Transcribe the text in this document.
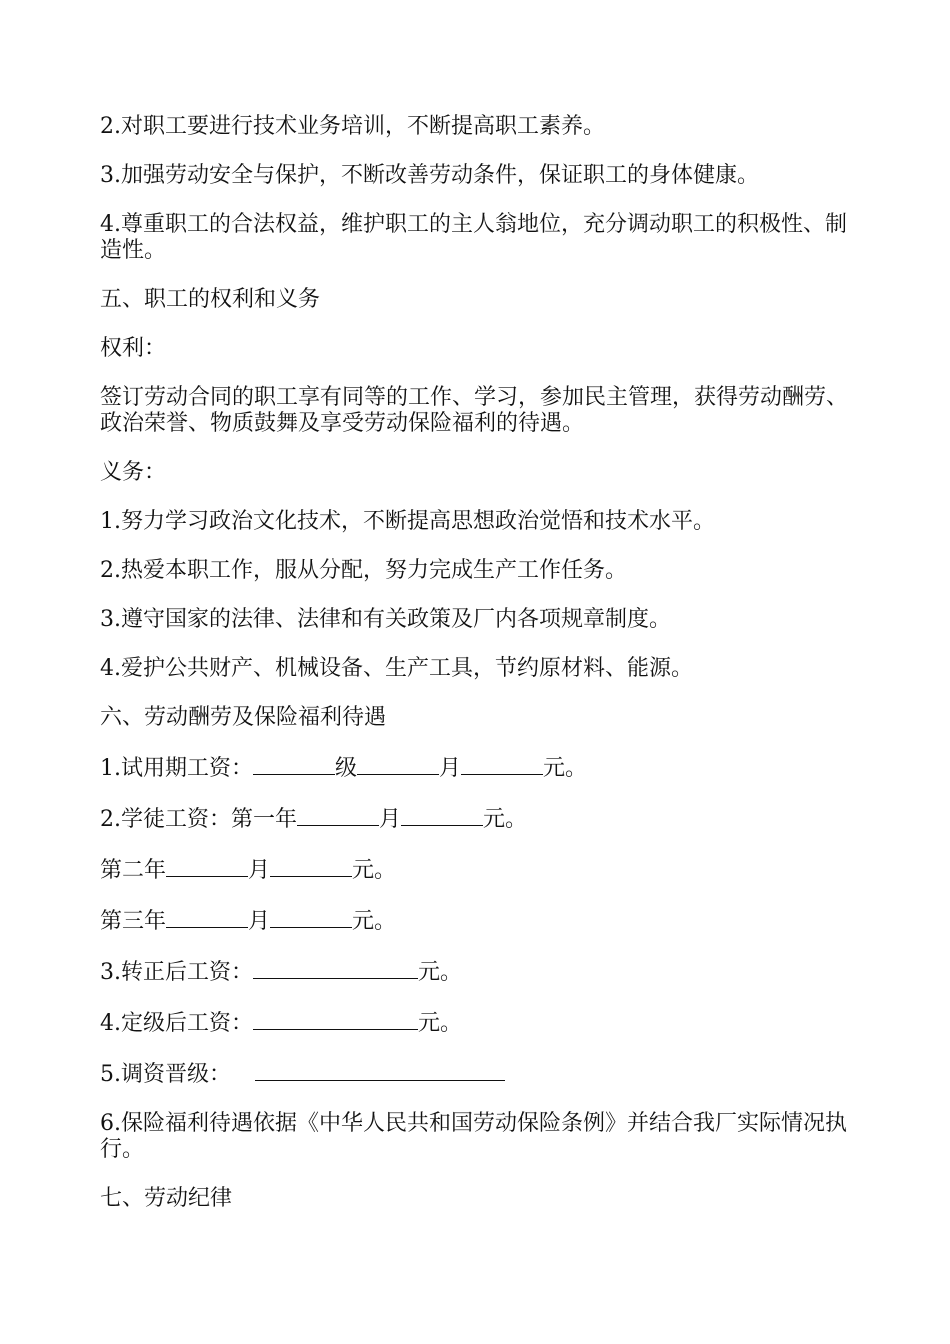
2.对职工要进行技术业务培训，不断提高职工素养。

3.加强劳动安全与保护，不断改善劳动条件，保证职工的身体健康。

4.尊重职工的合法权益，维护职工的主人翁地位，充分调动职工的积极性、制造性。

五、职工的权利和义务

权利：

签订劳动合同的职工享有同等的工作、学习，参加民主管理，获得劳动酬劳、政治荣誉、物质鼓舞及享受劳动保险福利的待遇。

义务：

1.努力学习政治文化技术，不断提高思想政治觉悟和技术水平。

2.热爱本职工作，服从分配，努力完成生产工作任务。

3.遵守国家的法律、法律和有关政策及厂内各项规章制度。

4.爱护公共财产、机械设备、生产工具，节约原材料、能源。

六、劳动酬劳及保险福利待遇

1.试用期工资：	级	月	元。

2.学徒工资：第一年	月	元。

第二年	月	元。

第三年	月	元。

3.转正后工资：	元。

4.定级后工资：	元。

5.调资晋级：

6.保险福利待遇依据《中华人民共和国劳动保险条例》并结合我厂实际情况执行。

七、劳动纪律
